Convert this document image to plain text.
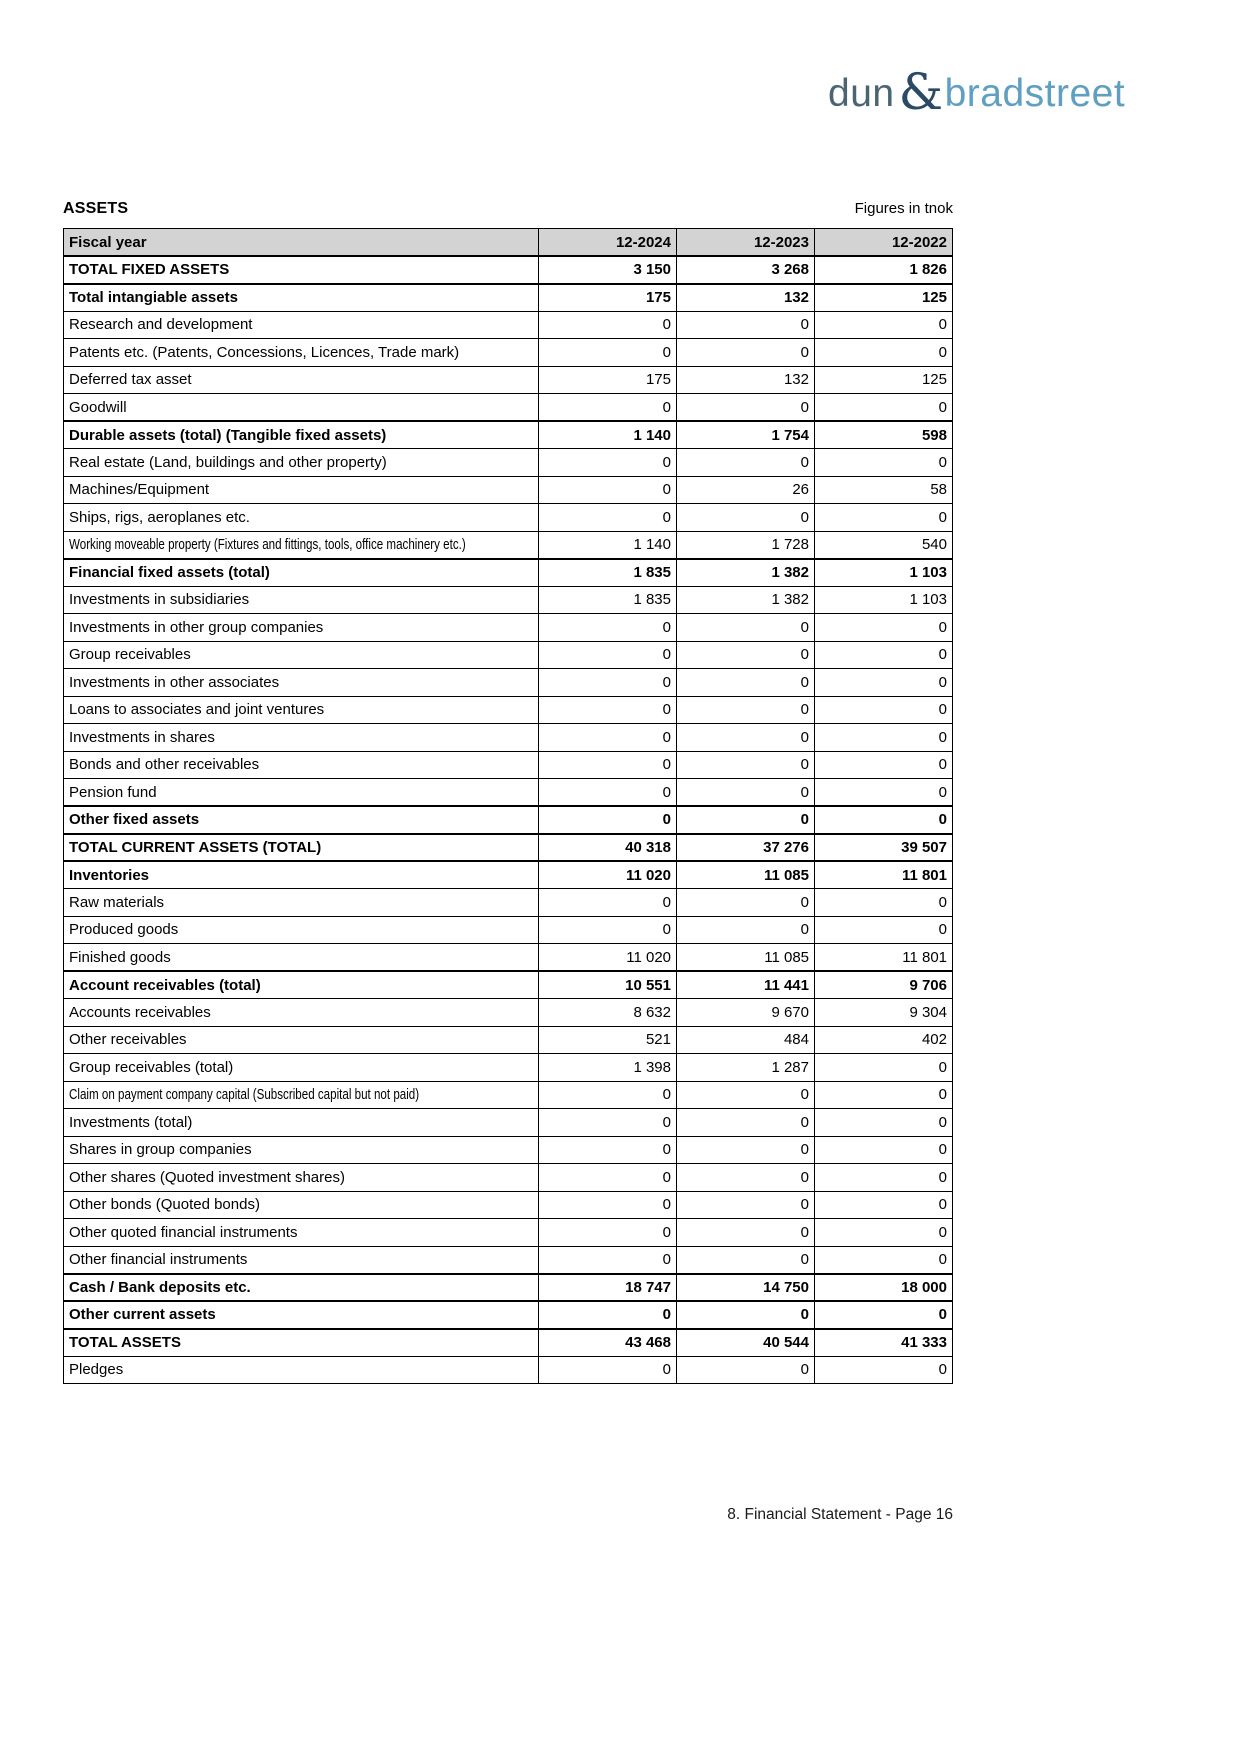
dun & bradstreet
ASSETS	Figures in tnok
Fiscal year	12-2024	12-2023	12-2022
TOTAL FIXED ASSETS	3 150	3 268	1 826
Total intangiable assets	175	132	125
Research and development	0	0	0
Patents etc. (Patents, Concessions, Licences, Trade mark)	0	0	0
Deferred tax asset	175	132	125
Goodwill	0	0	0
Durable assets (total) (Tangible fixed assets)	1 140	1 754	598
Real estate (Land, buildings and other property)	0	0	0
Machines/Equipment	0	26	58
Ships, rigs, aeroplanes etc.	0	0	0
Working moveable property (Fixtures and fittings, tools, office machinery etc.)	1 140	1 728	540
Financial fixed assets (total)	1 835	1 382	1 103
Investments in subsidiaries	1 835	1 382	1 103
Investments in other group companies	0	0	0
Group receivables	0	0	0
Investments in other associates	0	0	0
Loans to associates and joint ventures	0	0	0
Investments in shares	0	0	0
Bonds and other receivables	0	0	0
Pension fund	0	0	0
Other fixed assets	0	0	0
TOTAL CURRENT ASSETS (TOTAL)	40 318	37 276	39 507
Inventories	11 020	11 085	11 801
Raw materials	0	0	0
Produced goods	0	0	0
Finished goods	11 020	11 085	11 801
Account receivables (total)	10 551	11 441	9 706
Accounts receivables	8 632	9 670	9 304
Other receivables	521	484	402
Group receivables (total)	1 398	1 287	0
Claim on payment company capital (Subscribed capital but not paid)	0	0	0
Investments (total)	0	0	0
Shares in group companies	0	0	0
Other shares (Quoted investment shares)	0	0	0
Other bonds (Quoted bonds)	0	0	0
Other quoted financial instruments	0	0	0
Other financial instruments	0	0	0
Cash / Bank deposits etc.	18 747	14 750	18 000
Other current assets	0	0	0
TOTAL ASSETS	43 468	40 544	41 333
Pledges	0	0	0
8. Financial Statement - Page 16
